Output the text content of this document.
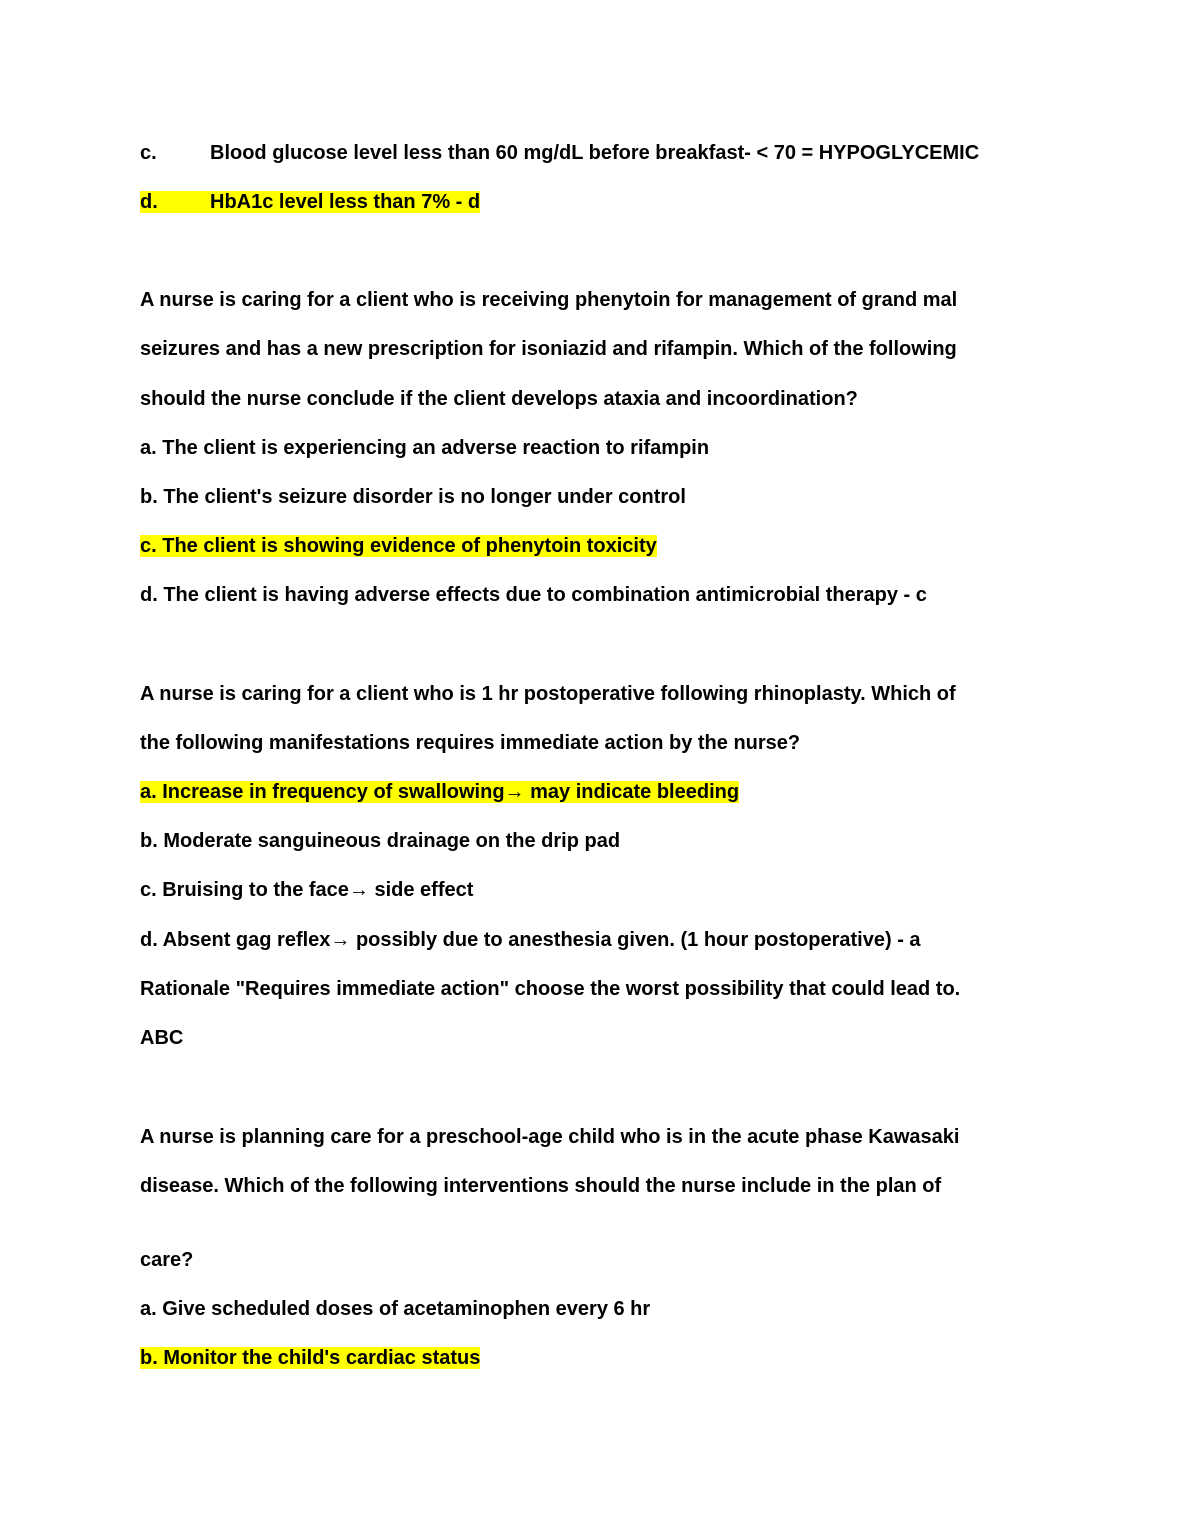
c.	Blood glucose level less than 60 mg/dL before breakfast- < 70 = HYPOGLYCEMIC
d.	HbA1c level less than 7% - d
A nurse is caring for a client who is receiving phenytoin for management of grand mal
seizures and has a new prescription for isoniazid and rifampin. Which of the following
should the nurse conclude if the client develops ataxia and incoordination?
a. The client is experiencing an adverse reaction to rifampin
b. The client's seizure disorder is no longer under control
c. The client is showing evidence of phenytoin toxicity
d. The client is having adverse effects due to combination antimicrobial therapy - c
A nurse is caring for a client who is 1 hr postoperative following rhinoplasty. Which of
the following manifestations requires immediate action by the nurse?
a. Increase in frequency of swallowing→ may indicate bleeding
b. Moderate sanguineous drainage on the drip pad
c. Bruising to the face→ side effect
d. Absent gag reflex→ possibly due to anesthesia given. (1 hour postoperative) - a
Rationale "Requires immediate action" choose the worst possibility that could lead to.
ABC
A nurse is planning care for a preschool-age child who is in the acute phase Kawasaki
disease. Which of the following interventions should the nurse include in the plan of
care?
a. Give scheduled doses of acetaminophen every 6 hr
b. Monitor the child's cardiac status
